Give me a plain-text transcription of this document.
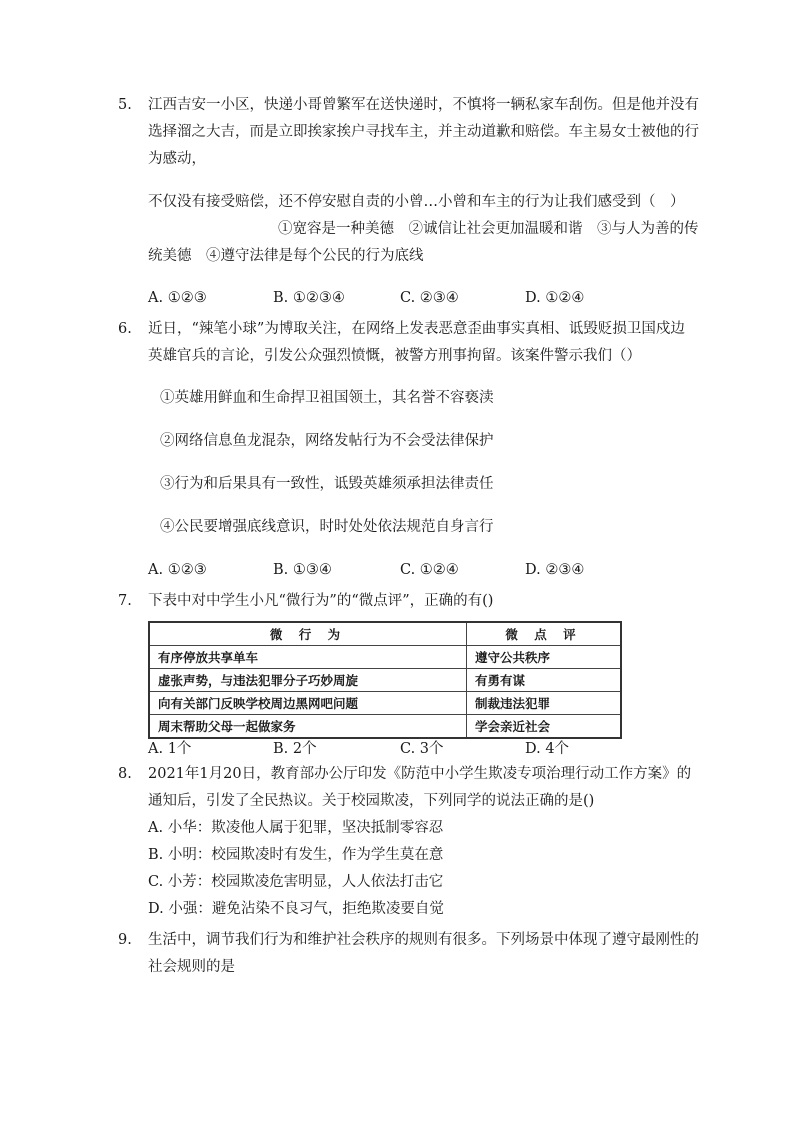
5.	江西吉安一小区，快递小哥曾繁军在送快递时，不慎将一辆私家车刮伤。但是他并没有
选择溜之大吉，而是立即挨家挨户寻找车主，并主动道歉和赔偿。车主易女士被他的行
为感动，
不仅没有接受赔偿，还不停安慰自责的小曾…小曾和车主的行为让我们感受到（　）
①宽容是一种美德　②诚信让社会更加温暖和谐　③与人为善的传
统美德　④遵守法律是每个公民的行为底线
A. ①②③	B. ①②③④	C. ②③④	D. ①②④
6.	近日，“辣笔小球”为博取关注，在网络上发表恶意歪曲事实真相、诋毁贬损卫国戍边
英雄官兵的言论，引发公众强烈愤慨，被警方刑事拘留。该案件警示我们（）
①英雄用鲜血和生命捍卫祖国领土，其名誉不容亵渎
②网络信息鱼龙混杂，网络发帖行为不会受法律保护
③行为和后果具有一致性，诋毁英雄须承担法律责任
④公民要增强底线意识，时时处处依法规范自身言行
A. ①②③	B. ①③④	C. ①②④	D. ②③④
7.	下表中对中学生小凡“微行为”的“微点评”，正确的有()
微 行 为	微 点 评
有序停放共享单车	遵守公共秩序
虚张声势，与违法犯罪分子巧妙周旋	有勇有谋
向有关部门反映学校周边黑网吧问题	制裁违法犯罪
周末帮助父母一起做家务	学会亲近社会
A. 1个	B. 2个	C. 3个	D. 4个
8.	2021年1月20日，教育部办公厅印发《防范中小学生欺凌专项治理行动工作方案》的
通知后，引发了全民热议。关于校园欺凌，下列同学的说法正确的是()
A. 小华：欺凌他人属于犯罪，坚决抵制零容忍
B. 小明：校园欺凌时有发生，作为学生莫在意
C. 小芳：校园欺凌危害明显，人人依法打击它
D. 小强：避免沾染不良习气，拒绝欺凌要自觉
9.	生活中，调节我们行为和维护社会秩序的规则有很多。下列场景中体现了遵守最刚性的
社会规则的是
